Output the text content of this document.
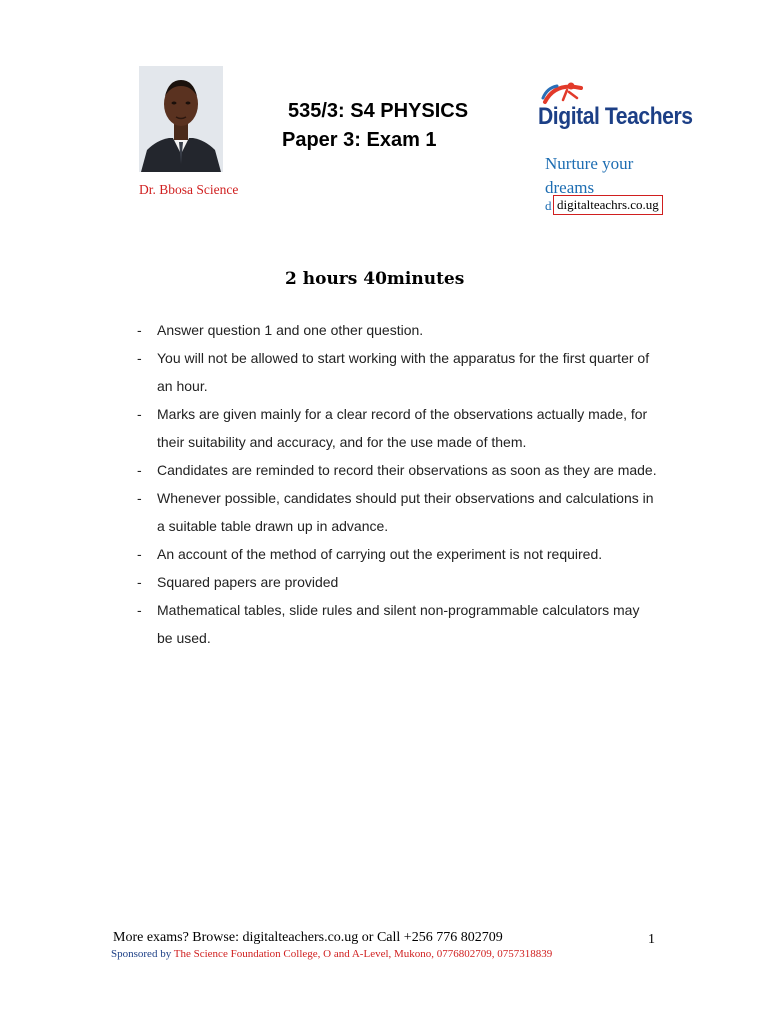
Dr. Bbosa Science
535/3: S4 PHYSICS
Paper 3: Exam 1
Digital Teachers
Nurture your dreams
d digitalteachrs.co.ug
2 hours 40minutes
- Answer question 1 and one other question.
- You will not be allowed to start working with the apparatus for the first quarter of an hour.
- Marks are given mainly for a clear record of the observations actually made, for their suitability and accuracy, and for the use made of them.
- Candidates are reminded to record their observations as soon as they are made.
- Whenever possible, candidates should put their observations and calculations in a suitable table drawn up in advance.
- An account of the method of carrying out the experiment is not required.
- Squared papers are provided
- Mathematical tables, slide rules and silent non-programmable calculators may be used.
More exams? Browse: digitalteachers.co.ug or Call +256 776 802709	1
Sponsored by The Science Foundation College, O and A-Level, Mukono, 0776802709, 0757318839
